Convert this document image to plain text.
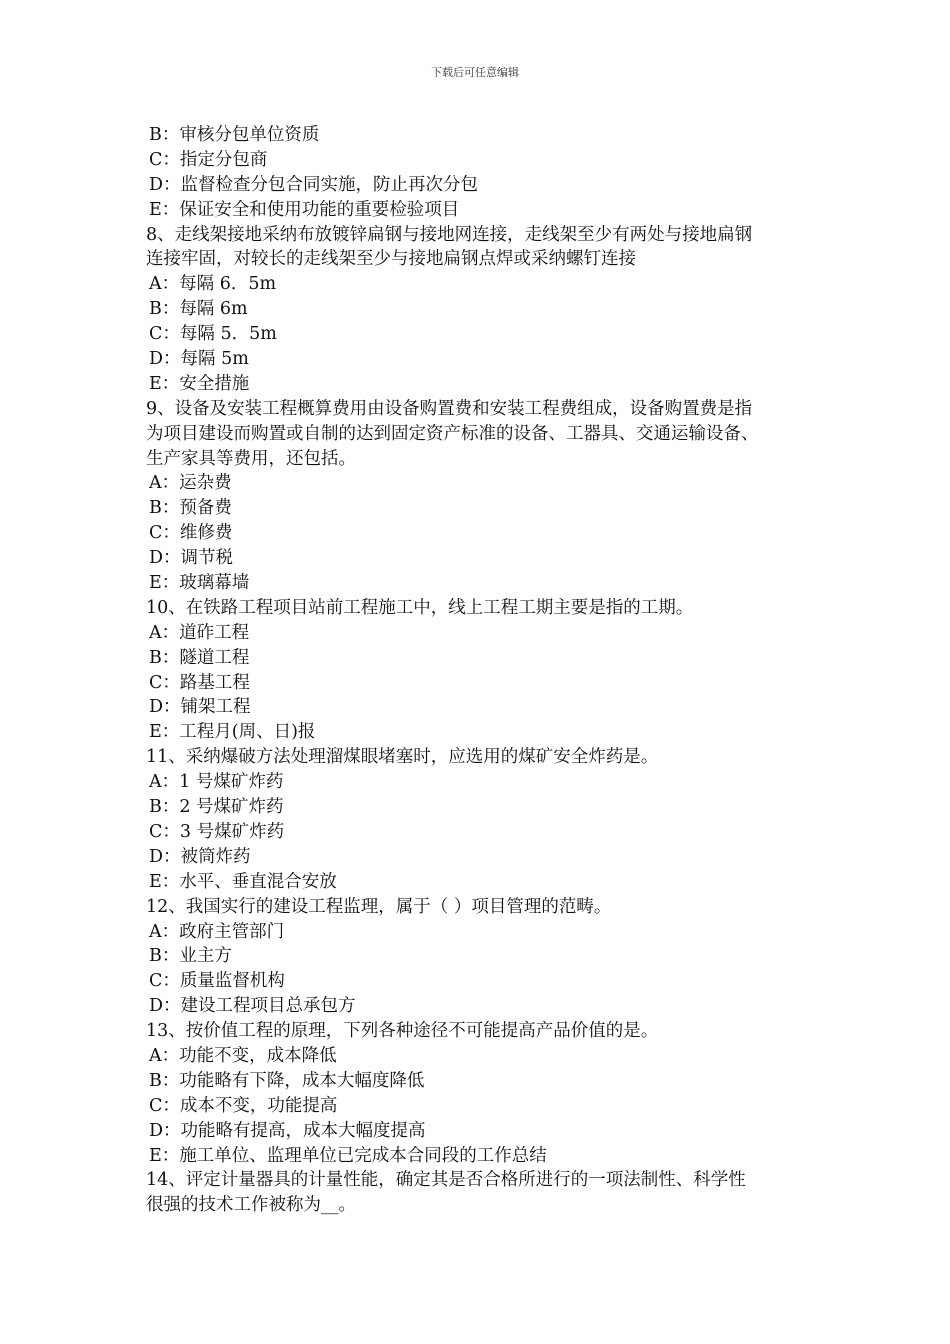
下载后可任意编辑
B：审核分包单位资质
C：指定分包商
D：监督检查分包合同实施，防止再次分包
E：保证安全和使用功能的重要检验项目
8、走线架接地采纳布放镀锌扁钢与接地网连接，走线架至少有两处与接地扁钢
连接牢固，对较长的走线架至少与接地扁钢点焊或采纳螺钉连接
A：每隔 6．5m
B：每隔 6m
C：每隔 5．5m
D：每隔 5m
E：安全措施
9、设备及安装工程概算费用由设备购置费和安装工程费组成，设备购置费是指
为项目建设而购置或自制的达到固定资产标准的设备、工器具、交通运输设备、
生产家具等费用，还包括。
A：运杂费
B：预备费
C：维修费
D：调节税
E：玻璃幕墙
10、在铁路工程项目站前工程施工中，线上工程工期主要是指的工期。
A：道砟工程
B：隧道工程
C：路基工程
D：铺架工程
E：工程月(周、日)报
11、采纳爆破方法处理溜煤眼堵塞时，应选用的煤矿安全炸药是。
A：1 号煤矿炸药
B：2 号煤矿炸药
C：3 号煤矿炸药
D：被筒炸药
E：水平、垂直混合安放
12、我国实行的建设工程监理，属于（ ）项目管理的范畴。
A：政府主管部门
B：业主方
C：质量监督机构
D：建设工程项目总承包方
13、按价值工程的原理，下列各种途径不可能提高产品价值的是。
A：功能不变，成本降低
B：功能略有下降，成本大幅度降低
C：成本不变，功能提高
D：功能略有提高，成本大幅度提高
E：施工单位、监理单位已完成本合同段的工作总结
14、评定计量器具的计量性能，确定其是否合格所进行的一项法制性、科学性
很强的技术工作被称为__。
